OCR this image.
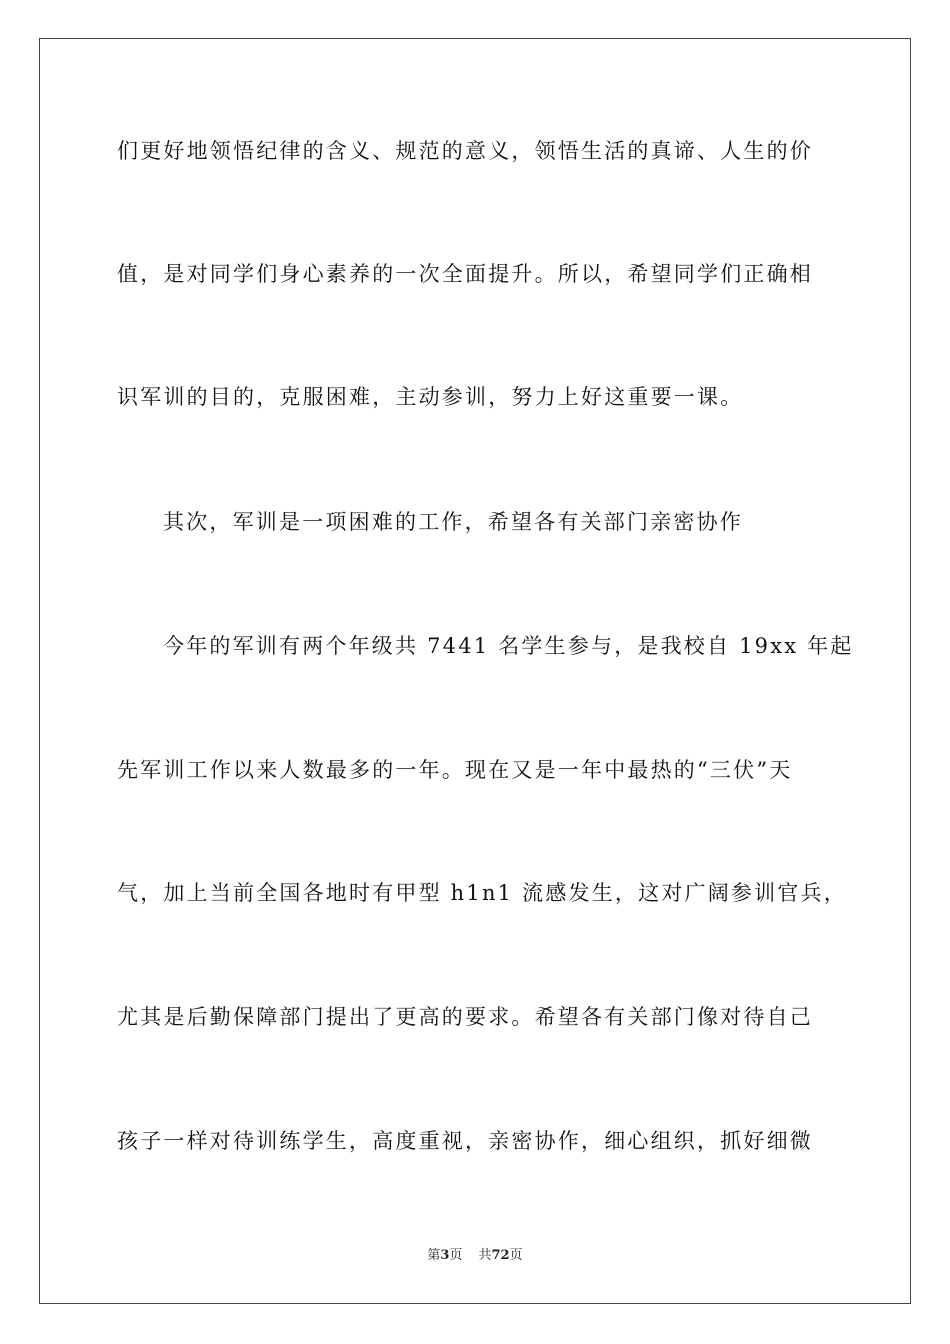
们更好地领悟纪律的含义、规范的意义，领悟生活的真谛、人生的价
值，是对同学们身心素养的一次全面提升。所以，希望同学们正确相
识军训的目的，克服困难，主动参训，努力上好这重要一课。
其次，军训是一项困难的工作，希望各有关部门亲密协作
今年的军训有两个年级共 7441 名学生参与，是我校自 19xx 年起
先军训工作以来人数最多的一年。现在又是一年中最热的“三伏”天
气，加上当前全国各地时有甲型 h1n1 流感发生，这对广阔参训官兵，
尤其是后勤保障部门提出了更高的要求。希望各有关部门像对待自己
孩子一样对待训练学生，高度重视，亲密协作，细心组织，抓好细微
第3页 共72页
